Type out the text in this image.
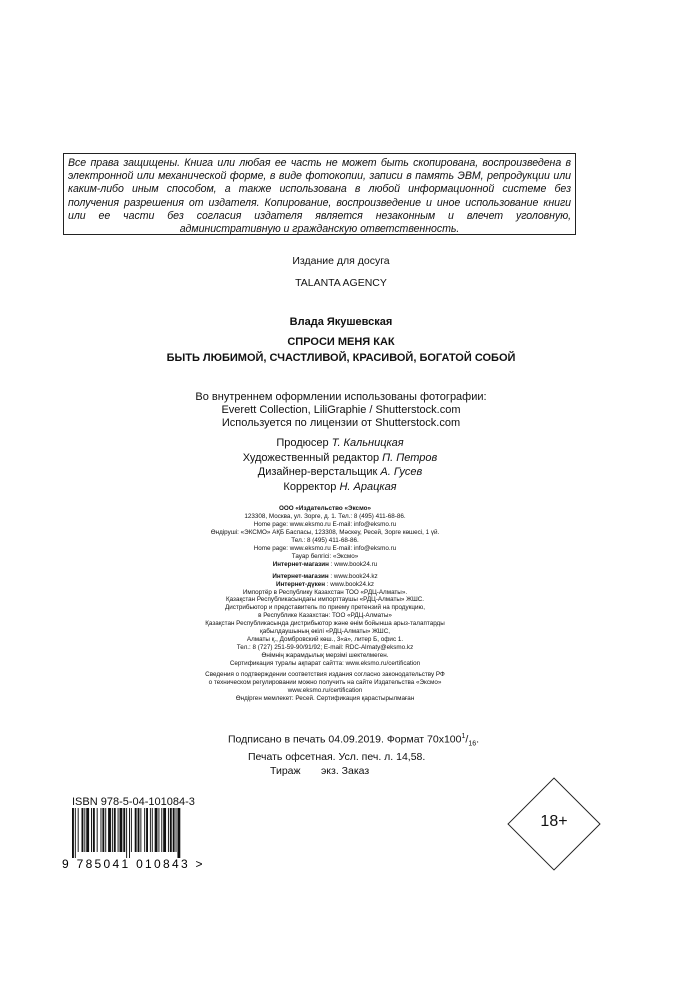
Все права защищены. Книга или любая ее часть не может быть скопирована, воспроизведена в электронной или механической форме, в виде фотокопии, записи в память ЭВМ, репродукции или каким-либо иным способом, а также использована в любой информационной системе без получения разрешения от издателя. Копирование, воспроизведение и иное использование книги или ее части без согласия издателя является незаконным и влечет уголовную, административную и гражданскую ответственность.
Издание для досуга
TALANTA AGENCY
Влада Якушевская
СПРОСИ МЕНЯ КАК
БЫТЬ ЛЮБИМОЙ, СЧАСТЛИВОЙ, КРАСИВОЙ, БОГАТОЙ СОБОЙ
Во внутреннем оформлении использованы фотографии:
Everett Collection, LiliGraphie / Shutterstock.com
Используется по лицензии от Shutterstock.com
Продюсер Т. Кальницкая
Художественный редактор П. Петров
Дизайнер-верстальщик А. Гусев
Корректор Н. Арацкая
ООО «Издательство «Эксмо»
123308, Москва, ул. Зорге, д. 1. Тел.: 8 (495) 411-68-86.
Home page: www.eksmo.ru E-mail: info@eksmo.ru
Өндіруші: «ЭКСМО» АҚБ Баспасы, 123308, Мәскеу, Ресей, Зорге көшесі, 1 үй.
Тел.: 8 (495) 411-68-86.
Home page: www.eksmo.ru E-mail: info@eksmo.ru
Тауар белгісі: «Эксмо»
Интернет-магазин : www.book24.ru
Интернет-магазин : www.book24.kz
Интернет-дүкен : www.book24.kz
Импортёр в Республику Казахстан ТОО «РДЦ-Алматы».
Қазақстан Республикасындағы импорттаушы «РДЦ-Алматы» ЖШС.
Дистрибьютор и представитель по приему претензий на продукцию,
в Республике Казахстан: ТОО «РДЦ-Алматы»
Қазақстан Республикасында дистрибьютор және өнім бойынша арыз-талаптарды
қабылдаушының өкілі «РДЦ-Алматы» ЖШС,
Алматы қ., Домбровский көш., 3«а», литер Б, офис 1.
Тел.: 8 (727) 251-59-90/91/92; E-mail: RDC-Almaty@eksmo.kz
Өнімнің жарамдылық мерзімі шектелмеген.
Сертификация туралы ақпарат сайтта: www.eksmo.ru/certification
Сведения о подтверждении соответствия издания согласно законодательству РФ
о техническом регулировании можно получить на сайте Издательства «Эксмо»
www.eksmo.ru/certification
Өндірген мемлекет: Ресей. Сертификация қарастырылмаған
Подписано в печать 04.09.2019. Формат $70x100^1/_{16}$.
Печать офсетная. Усл. печ. л. 14,58.
Тираж       экз. Заказ
ISBN 978-5-04-101084-3
9 785041 010843 >
18+
